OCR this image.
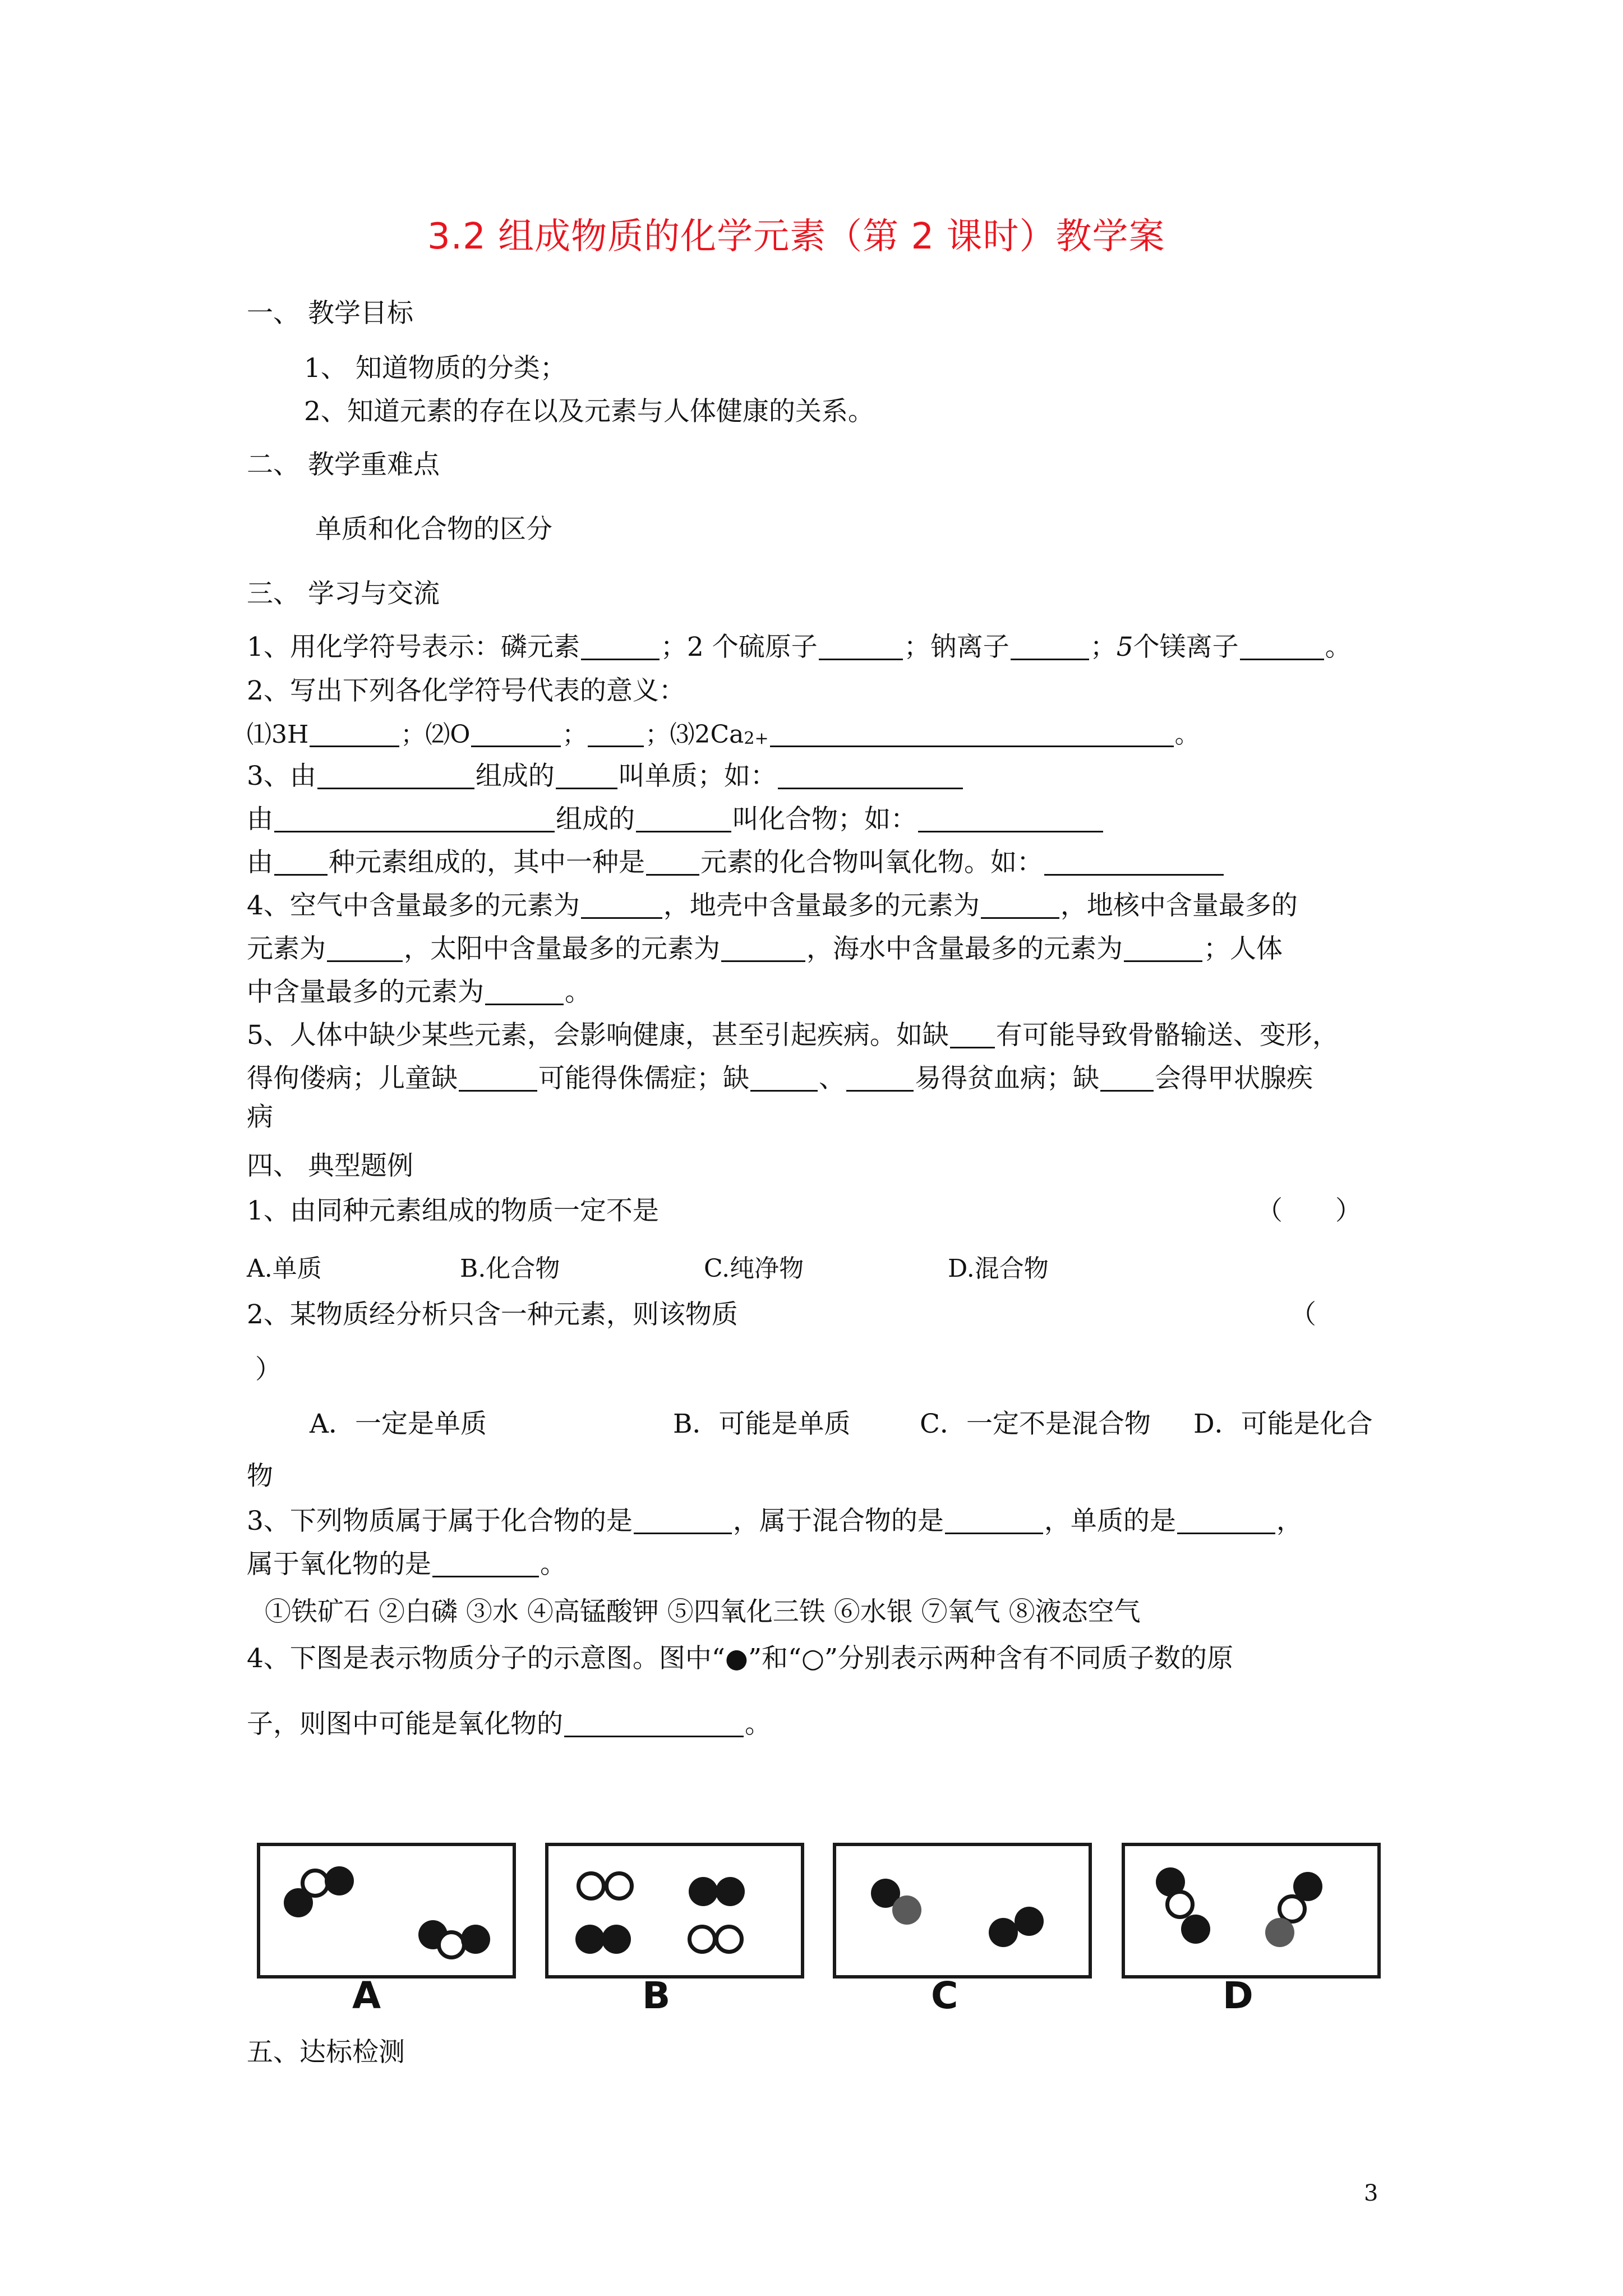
3.2 组成物质的化学元素（第 2 课时）教学案
一、 教学目标
1、 知道物质的分类；
2、知道元素的存在以及元素与人体健康的关系。
二、 教学重难点
单质和化合物的区分
三、 学习与交流
1、用化学符号表示：磷元素	；2 个硫原子	；钠离子	； 5 个镁离子	。
2、写出下列各化学符号代表的意义：
⑴3H	；⑵O	； ；⑶2Ca 2+	。
3、由	组成的 叫单质；如：
由	组成的	叫化合物；如：
由 种元素组成的，其中一种是 元素的化合物叫氧化物。如：
4、空气中含量最多的元素为	，地壳中含量最多的元素为	，地核中含量最多的
元素为	，太阳中含量最多的元素为	，海水中含量最多的元素为	；人体
中含量最多的元素为	。
5、人体中缺少某些元素，会影响健康，甚至引起疾病。如缺 有可能导致骨骼输送、变形，
得佝偻病；儿童缺	可能得侏儒症；缺	、	易得贫血病；缺 会得甲状腺疾
病
四、 典型题例
1、由同种元素组成的物质一定不是	（　　）
A.单质	B.化合物	C.纯净物	D.混合物
2、某物质经分析只含一种元素，则该物质	（
）
A．一定是单质	B．可能是单质	C．一定不是混合物 D．可能是化合
物
3、下列物质属于属于化合物的是	，属于混合物的是	，单质的是	，
属于氧化物的是	。
①铁矿石 ②白磷 ③水 ④高锰酸钾 ⑤四氧化三铁 ⑥水银 ⑦氧气 ⑧液态空气
4、下图是表示物质分子的示意图。图中“●”和“○”分别表示两种含有不同质子数的原
子，则图中可能是氧化物的	。
A	B	C	D
五、达标检测
3
